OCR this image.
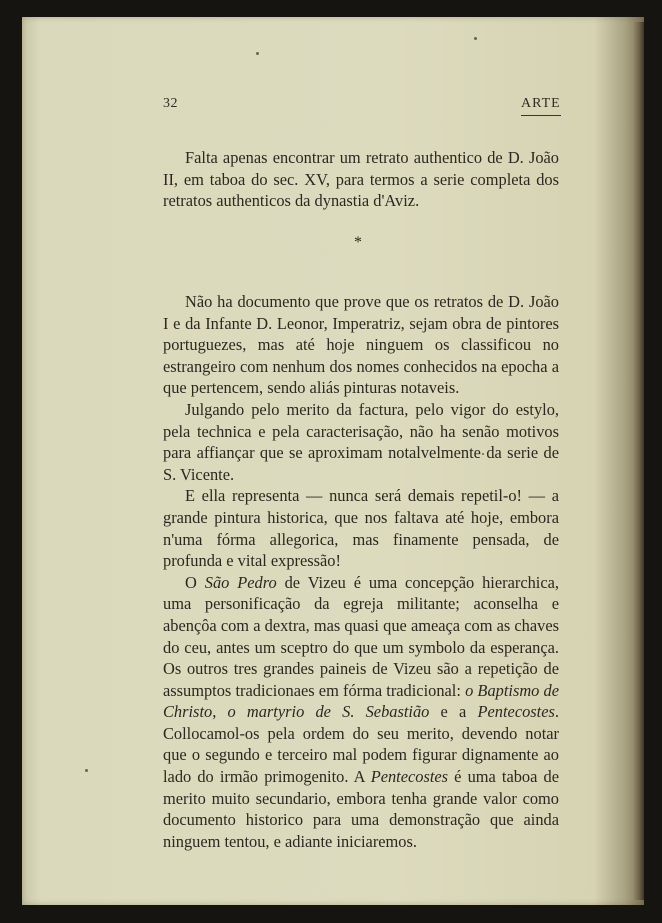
32	ARTE

Falta apenas encontrar um retrato authentico de D. João II, em taboa do sec. XV, para termos a serie completa dos retratos authenticos da dynastia d'Aviz.

*

Não ha documento que prove que os retratos de D. João I e da Infante D. Leonor, Imperatriz, sejam obra de pintores portuguezes, mas até hoje ninguem os classificou no estrangeiro com nenhum dos nomes conhecidos na epocha a que pertencem, sendo aliás pinturas notaveis.

Julgando pelo merito da factura, pelo vigor do estylo, pela technica e pela caracterisação, não ha senão motivos para affiançar que se aproximam notalvelmente da serie de S. Vicente.

E ella representa — nunca será demais repetil-o! — a grande pintura historica, que nos faltava até hoje, embora n'uma fórma allegorica, mas finamente pensada, de profunda e vital expressão!

O São Pedro de Vizeu é uma concepção hierarchica, uma personificação da egreja militante; aconselha e abençôa com a dextra, mas quasi que ameaça com as chaves do ceu, antes um sceptro do que um symbolo da esperança. Os outros tres grandes paineis de Vizeu são a repetição de assumptos tradicionaes em fórma tradicional: o Baptismo de Christo, o martyrio de S. Sebastião e a Pentecostes. Collocamol-os pela ordem do seu merito, devendo notar que o segundo e terceiro mal podem figurar dignamente ao lado do irmão primogenito. A Pentecostes é uma taboa de merito muito secundario, embora tenha grande valor como documento historico para uma demonstração que ainda ninguem tentou, e adiante iniciaremos.
